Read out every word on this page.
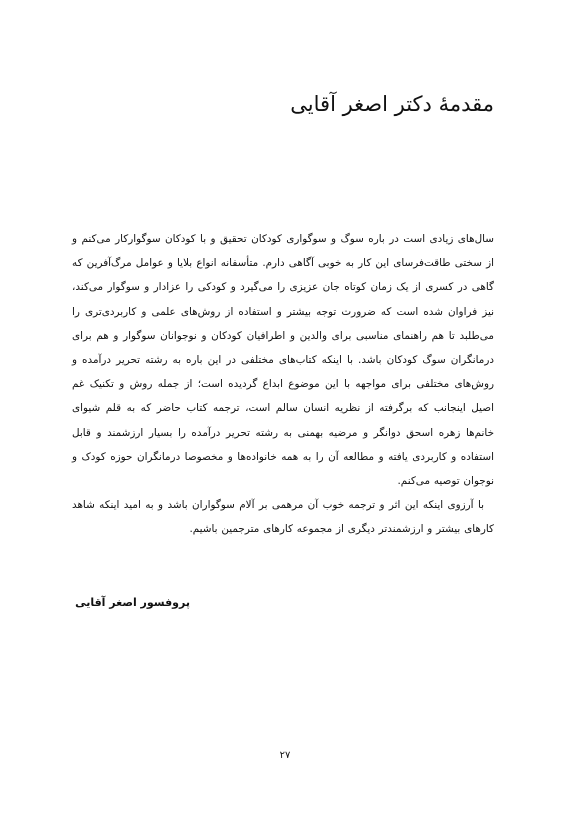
مقدمهٔ دکتر اصغر آقایی

سال‌های زیادی است در باره سوگ و سوگواری کودکان تحقیق و با کودکان سوگوارکار می‌کنم و از سختی طاقت‌فرسای این کار به خوبی آگاهی دارم. متأسفانه انواع بلایا و عوامل مرگ‌آفرین که گاهی در کسری از یک زمان کوتاه جان عزیزی را می‌گیرد و کودکی را عزادار و سوگوار می‌کند، نیز فراوان شده است که ضرورت توجه بیشتر و استفاده از روش‌های علمی و کاربردی‌تری را می‌طلبد تا هم راهنمای مناسبی برای والدین و اطرافیان کودکان و نوجوانان سوگوار و هم برای درمانگران سوگ کودکان باشد. با اینکه کتاب‌های مختلفی در این باره به رشته تحریر درآمده و روش‌های مختلفی برای مواجهه با این موضوع ابداع گردیده است؛ از جمله روش و تکنیک غم اصیل اینجانب که برگرفته از نظریه انسان سالم است، ترجمه کتاب حاضر که به قلم شیوای خانم‌ها زهره اسحق دوانگر و مرضیه بهمنی به رشته تحریر درآمده را بسیار ارزشمند و قابل استفاده و کاربردی یافته و مطالعه آن را به همه خانواده‌ها و مخصوصا درمانگران حوزه کودک و نوجوان توصیه می‌کنم.

با آرزوی اینکه این اثر و ترجمه خوب آن مرهمی بر آلام سوگواران باشد و به امید اینکه شاهد کارهای بیشتر و ارزشمندتر دیگری از مجموعه کارهای مترجمین باشیم.

پروفسور اصغر آقایی

۲۷
